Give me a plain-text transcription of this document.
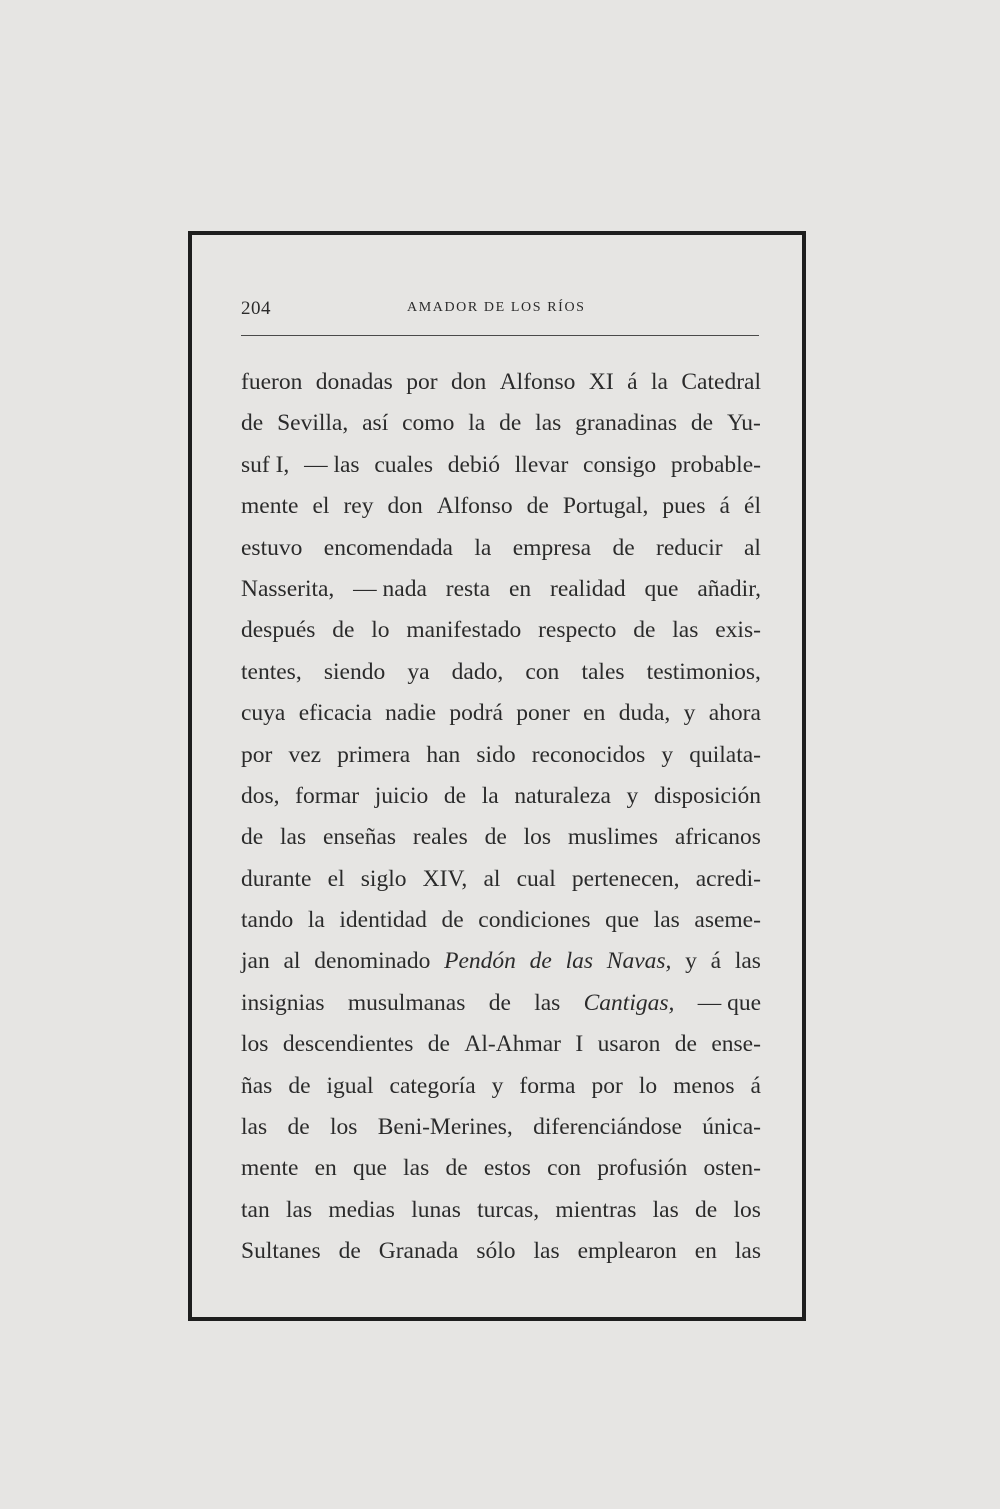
204	AMADOR DE LOS RÍOS
fueron donadas por don Alfonso XI á la Catedral
de Sevilla, así como la de las granadinas de Yu-
suf I, — las cuales debió llevar consigo probable-
mente el rey don Alfonso de Portugal, pues á él
estuvo encomendada la empresa de reducir al
Nasserita, — nada resta en realidad que añadir,
después de lo manifestado respecto de las exis-
tentes, siendo ya dado, con tales testimonios,
cuya eficacia nadie podrá poner en duda, y ahora
por vez primera han sido reconocidos y quilata-
dos, formar juicio de la naturaleza y disposición
de las enseñas reales de los muslimes africanos
durante el siglo XIV, al cual pertenecen, acredi-
tando la identidad de condiciones que las aseme-
jan al denominado Pendón de las Navas, y á las
insignias musulmanas de las Cantigas, — que
los descendientes de Al-Ahmar I usaron de ense-
ñas de igual categoría y forma por lo menos á
las de los Beni-Merines, diferenciándose única-
mente en que las de estos con profusión osten-
tan las medias lunas turcas, mientras las de los
Sultanes de Granada sólo las emplearon en las
